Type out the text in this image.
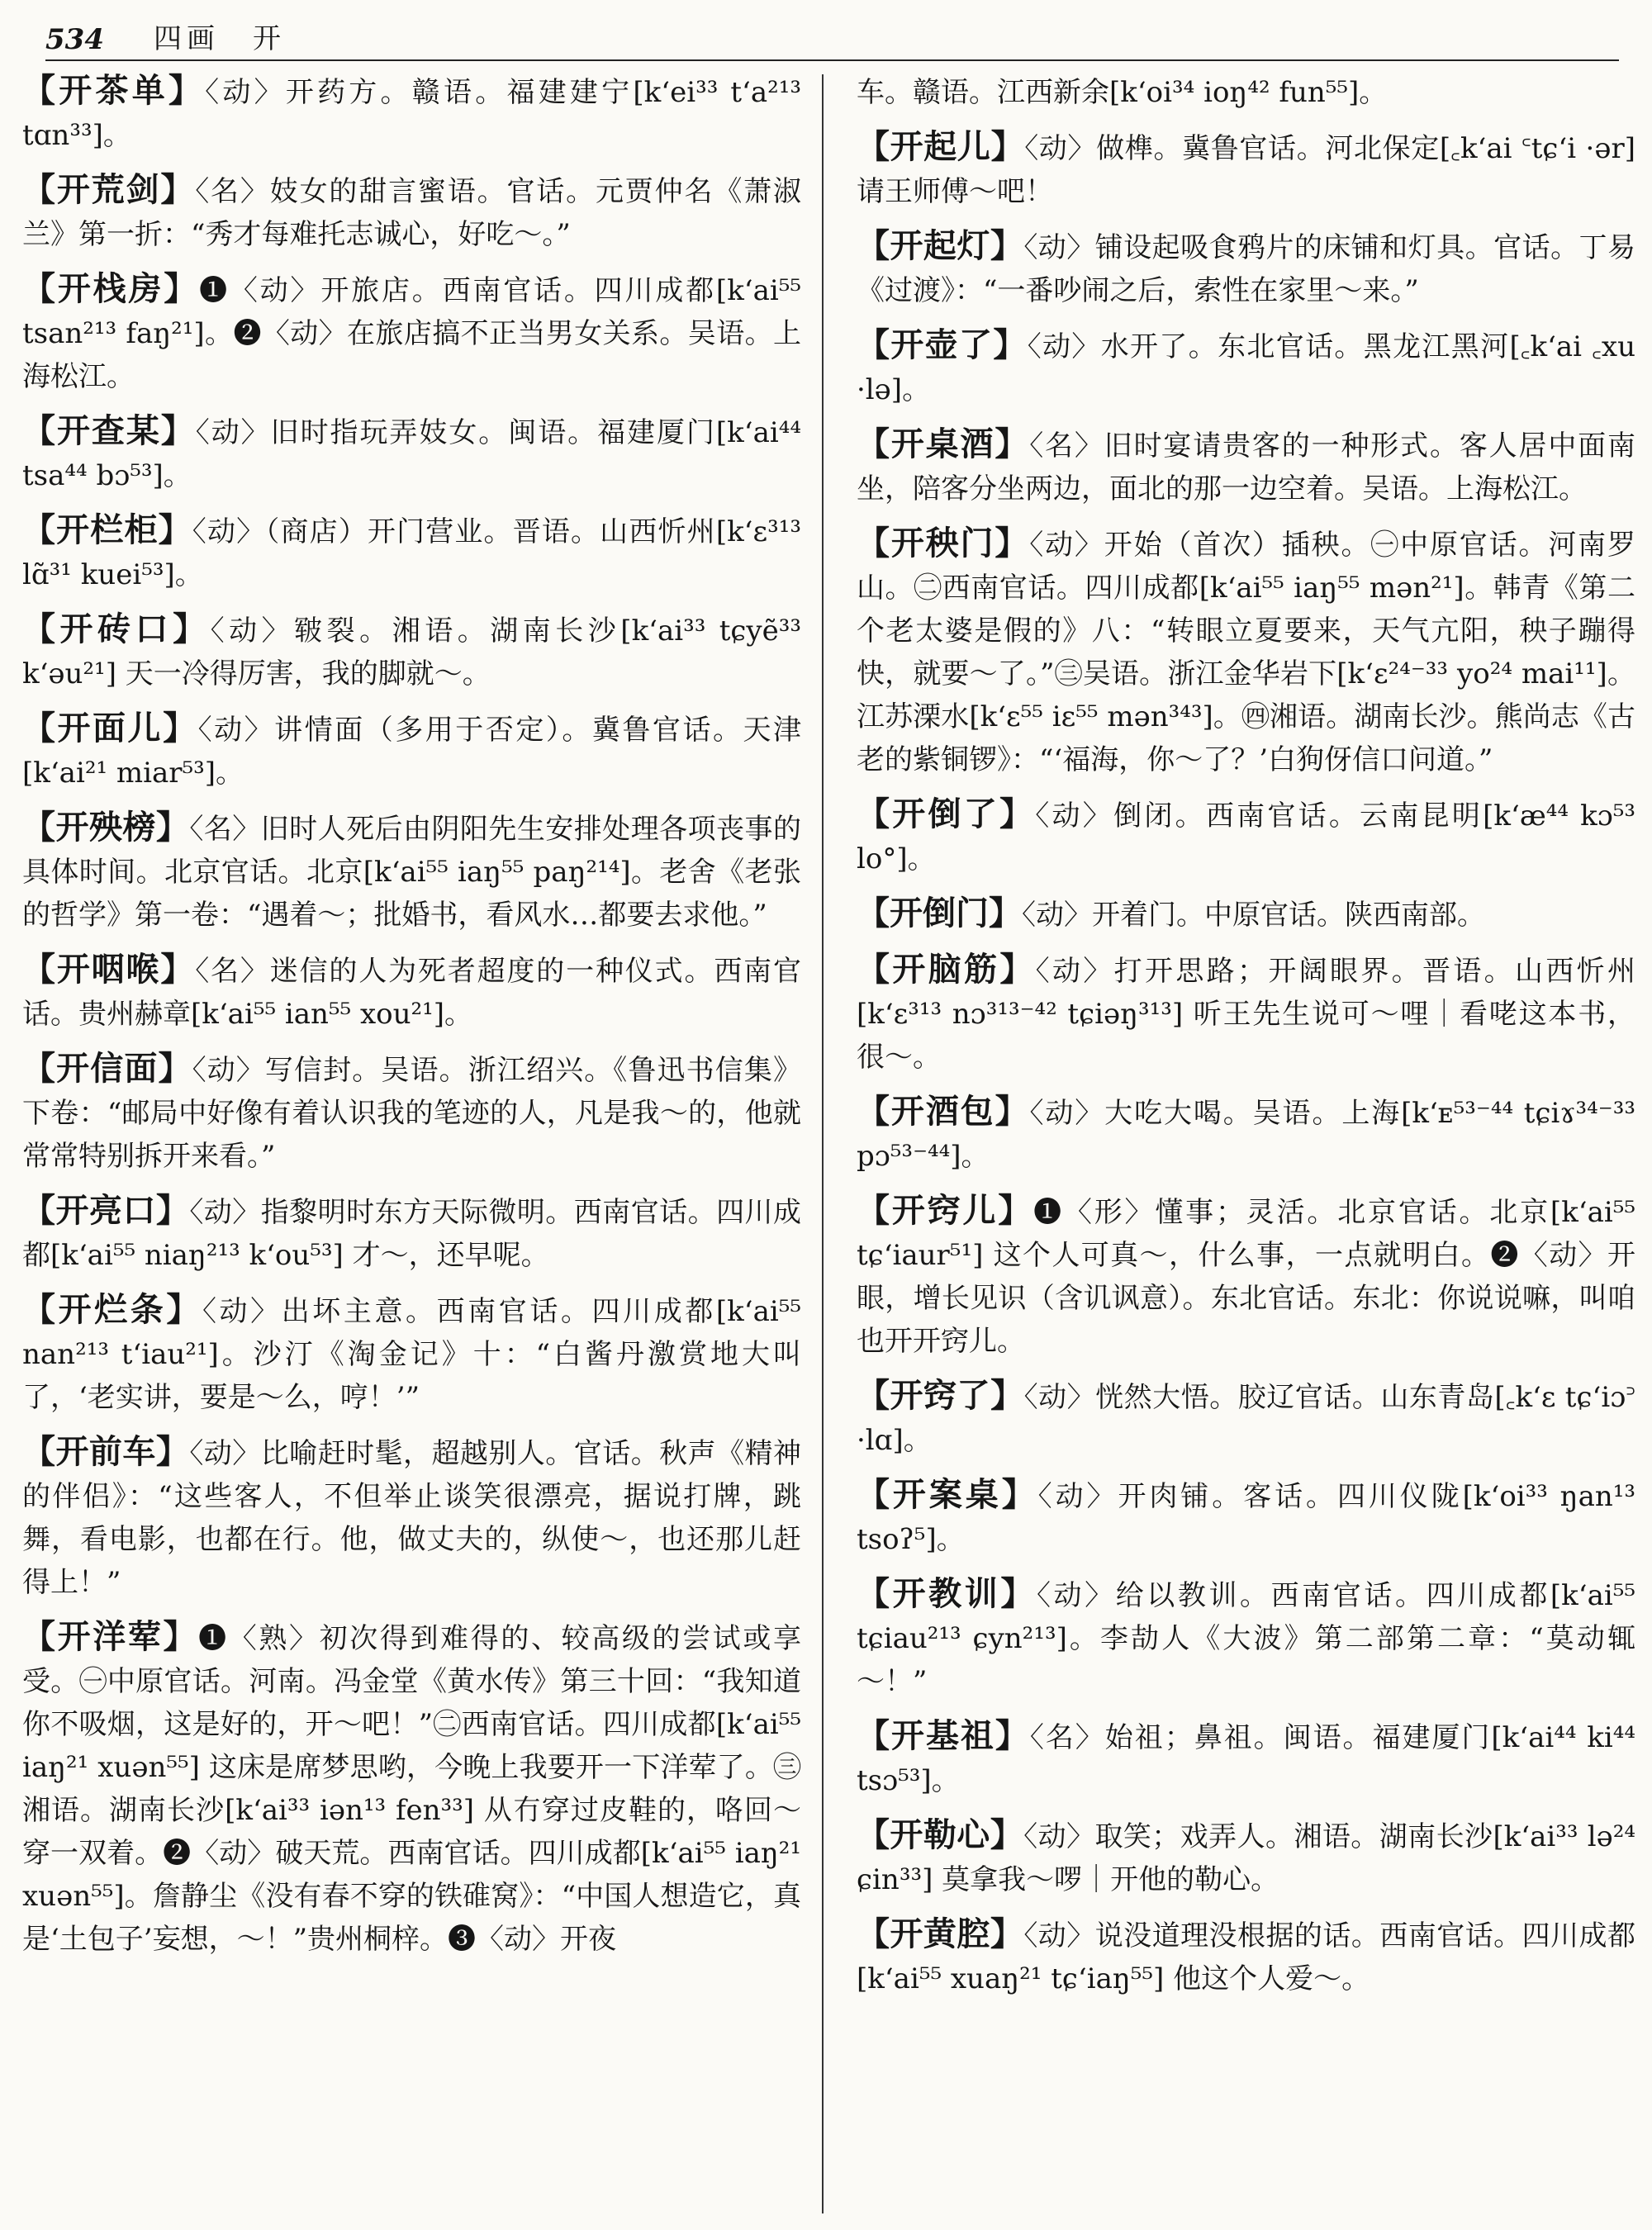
534 四画　开

【开茶单】〈动〉开药方。赣语。福建建宁[k‘ei³³ t‘a²¹³ tɑn³³]。

【开荒剑】〈名〉妓女的甜言蜜语。官话。元贾仲名《萧淑兰》第一折：“秀才每难托志诚心，好吃～。”

【开栈房】❶〈动〉开旅店。西南官话。四川成都[k‘ai⁵⁵ tsan²¹³ faŋ²¹]。❷〈动〉在旅店搞不正当男女关系。吴语。上海松江。

【开查某】〈动〉旧时指玩弄妓女。闽语。福建厦门[k‘ai⁴⁴ tsa⁴⁴ bɔ⁵³]。

【开栏柜】〈动〉（商店）开门营业。晋语。山西忻州[k‘ɛ³¹³ lɑ̃³¹ kuei⁵³]。

【开砖口】〈动〉皲裂。湘语。湖南长沙[k‘ai³³ tɕyẽ³³ k‘əu²¹] 天一冷得厉害，我的脚就～。

【开面儿】〈动〉讲情面（多用于否定）。冀鲁官话。天津[k‘ai²¹ miar⁵³]。

【开殃榜】〈名〉旧时人死后由阴阳先生安排处理各项丧事的具体时间。北京官话。北京[k‘ai⁵⁵ iaŋ⁵⁵ paŋ²¹⁴]。老舍《老张的哲学》第一卷：“遇着～；批婚书，看风水…都要去求他。”

【开咽喉】〈名〉迷信的人为死者超度的一种仪式。西南官话。贵州赫章[k‘ai⁵⁵ ian⁵⁵ xou²¹]。

【开信面】〈动〉写信封。吴语。浙江绍兴。《鲁迅书信集》下卷：“邮局中好像有着认识我的笔迹的人，凡是我～的，他就常常特别拆开来看。”

【开亮口】〈动〉指黎明时东方天际微明。西南官话。四川成都[k‘ai⁵⁵ niaŋ²¹³ k‘ou⁵³] 才～，还早呢。

【开烂条】〈动〉出坏主意。西南官话。四川成都[k‘ai⁵⁵ nan²¹³ t‘iau²¹]。沙汀《淘金记》十：“白酱丹激赏地大叫了，‘老实讲，要是～么，哼！’”

【开前车】〈动〉比喻赶时髦，超越别人。官话。秋声《精神的伴侣》：“这些客人，不但举止谈笑很漂亮，据说打牌，跳舞，看电影，也都在行。他，做丈夫的，纵使～，也还那儿赶得上！”

【开洋荤】❶〈熟〉初次得到难得的、较高级的尝试或享受。㊀中原官话。河南。冯金堂《黄水传》第三十回：“我知道你不吸烟，这是好的，开～吧！”㊁西南官话。四川成都[k‘ai⁵⁵ iaŋ²¹ xuən⁵⁵] 这床是席梦思哟，今晚上我要开一下洋荤了。㊂湘语。湖南长沙[k‘ai³³ iən¹³ fen³³] 从冇穿过皮鞋的，咯回～穿一双着。❷〈动〉破天荒。西南官话。四川成都[k‘ai⁵⁵ iaŋ²¹ xuən⁵⁵]。詹静尘《没有春不穿的铁碓窝》：“中国人想造它，真是‘土包子’妄想，～！”贵州桐梓。❸〈动〉开夜

车。赣语。江西新余[k‘oi³⁴ ioŋ⁴² fun⁵⁵]。

【开起儿】〈动〉做榫。冀鲁官话。河北保定[꜀k‘ai ꜂tɕ‘i ·ər] 请王师傅～吧！

【开起灯】〈动〉铺设起吸食鸦片的床铺和灯具。官话。丁易《过渡》：“一番吵闹之后，索性在家里～来。”

【开壶了】〈动〉水开了。东北官话。黑龙江黑河[꜀k‘ai ꜀xu ·lə]。

【开桌酒】〈名〉旧时宴请贵客的一种形式。客人居中面南坐，陪客分坐两边，面北的那一边空着。吴语。上海松江。

【开秧门】〈动〉开始（首次）插秧。㊀中原官话。河南罗山。㊁西南官话。四川成都[k‘ai⁵⁵ iaŋ⁵⁵ mən²¹]。韩青《第二个老太婆是假的》八：“转眼立夏要来，天气亢阳，秧子蹦得快，就要～了。”㊂吴语。浙江金华岩下[k‘ɛ²⁴⁻³³ yo²⁴ mai¹¹]。江苏溧水[k‘ɛ⁵⁵ iɛ⁵⁵ mən³⁴³]。㊃湘语。湖南长沙。熊尚志《古老的紫铜锣》：“‘福海，你～了？’白狗伢信口问道。”

【开倒了】〈动〉倒闭。西南官话。云南昆明[k‘æ⁴⁴ kɔ⁵³ lo°]。

【开倒门】〈动〉开着门。中原官话。陕西南部。

【开脑筋】〈动〉打开思路；开阔眼界。晋语。山西忻州[k‘ɛ³¹³ nɔ³¹³⁻⁴² tɕiəŋ³¹³] 听王先生说可～哩｜看咾这本书，很～。

【开酒包】〈动〉大吃大喝。吴语。上海[k‘ᴇ⁵³⁻⁴⁴ tɕiɤ³⁴⁻³³ pɔ⁵³⁻⁴⁴]。

【开窍儿】❶〈形〉懂事；灵活。北京官话。北京[k‘ai⁵⁵ tɕ‘iaur⁵¹] 这个人可真～，什么事，一点就明白。❷〈动〉开眼，增长见识（含讥讽意）。东北官话。东北：你说说嘛，叫咱也开开窍儿。

【开窍了】〈动〉恍然大悟。胶辽官话。山东青岛[꜀k‘ɛ tɕ‘iɔ꜄ ·lɑ]。

【开案桌】〈动〉开肉铺。客话。四川仪陇[k‘oi³³ ŋan¹³ tsoʔ⁵]。

【开教训】〈动〉给以教训。西南官话。四川成都[k‘ai⁵⁵ tɕiau²¹³ ɕyn²¹³]。李劼人《大波》第二部第二章：“莫动辄～！”

【开基祖】〈名〉始祖；鼻祖。闽语。福建厦门[k‘ai⁴⁴ ki⁴⁴ tsɔ⁵³]。

【开勒心】〈动〉取笑；戏弄人。湘语。湖南长沙[k‘ai³³ lə²⁴ ɕin³³] 莫拿我～啰｜开他的勒心。

【开黄腔】〈动〉说没道理没根据的话。西南官话。四川成都[k‘ai⁵⁵ xuaŋ²¹ tɕ‘iaŋ⁵⁵] 他这个人爱～。
